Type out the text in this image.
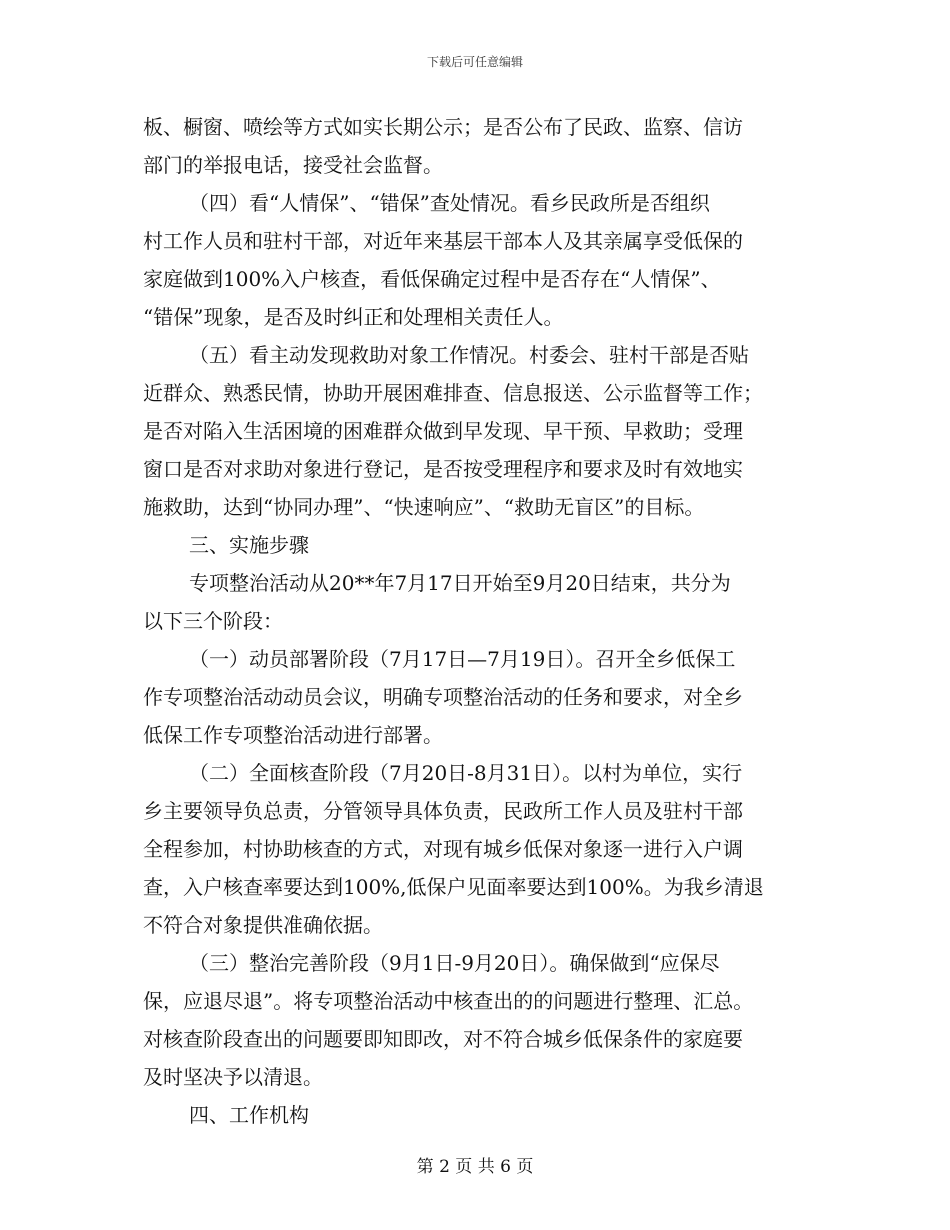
下载后可任意编辑
板、橱窗、喷绘等方式如实长期公示；是否公布了民政、监察、信访
部门的举报电话，接受社会监督。
（四）看“人情保”、“错保”查处情况。看乡民政所是否组织
村工作人员和驻村干部，对近年来基层干部本人及其亲属享受低保的
家庭做到100%入户核查，看低保确定过程中是否存在“人情保”、
“错保”现象，是否及时纠正和处理相关责任人。
（五）看主动发现救助对象工作情况。村委会、驻村干部是否贴
近群众、熟悉民情，协助开展困难排查、信息报送、公示监督等工作；
是否对陷入生活困境的困难群众做到早发现、早干预、早救助；受理
窗口是否对求助对象进行登记，是否按受理程序和要求及时有效地实
施救助，达到“协同办理”、“快速响应”、“救助无盲区”的目标。
三、实施步骤
专项整治活动从20**年7月17日开始至9月20日结束，共分为
以下三个阶段：
（一）动员部署阶段（7月17日—7月19日）。召开全乡低保工
作专项整治活动动员会议，明确专项整治活动的任务和要求，对全乡
低保工作专项整治活动进行部署。
（二）全面核查阶段（7月20日-8月31日）。以村为单位，实行
乡主要领导负总责，分管领导具体负责，民政所工作人员及驻村干部
全程参加，村协助核查的方式，对现有城乡低保对象逐一进行入户调
查，入户核查率要达到100%,低保户见面率要达到100%。为我乡清退
不符合对象提供准确依据。
（三）整治完善阶段（9月1日-9月20日）。确保做到“应保尽
保，应退尽退”。将专项整治活动中核查出的的问题进行整理、汇总。
对核查阶段查出的问题要即知即改，对不符合城乡低保条件的家庭要
及时坚决予以清退。
四、工作机构
第 2 页 共 6 页
